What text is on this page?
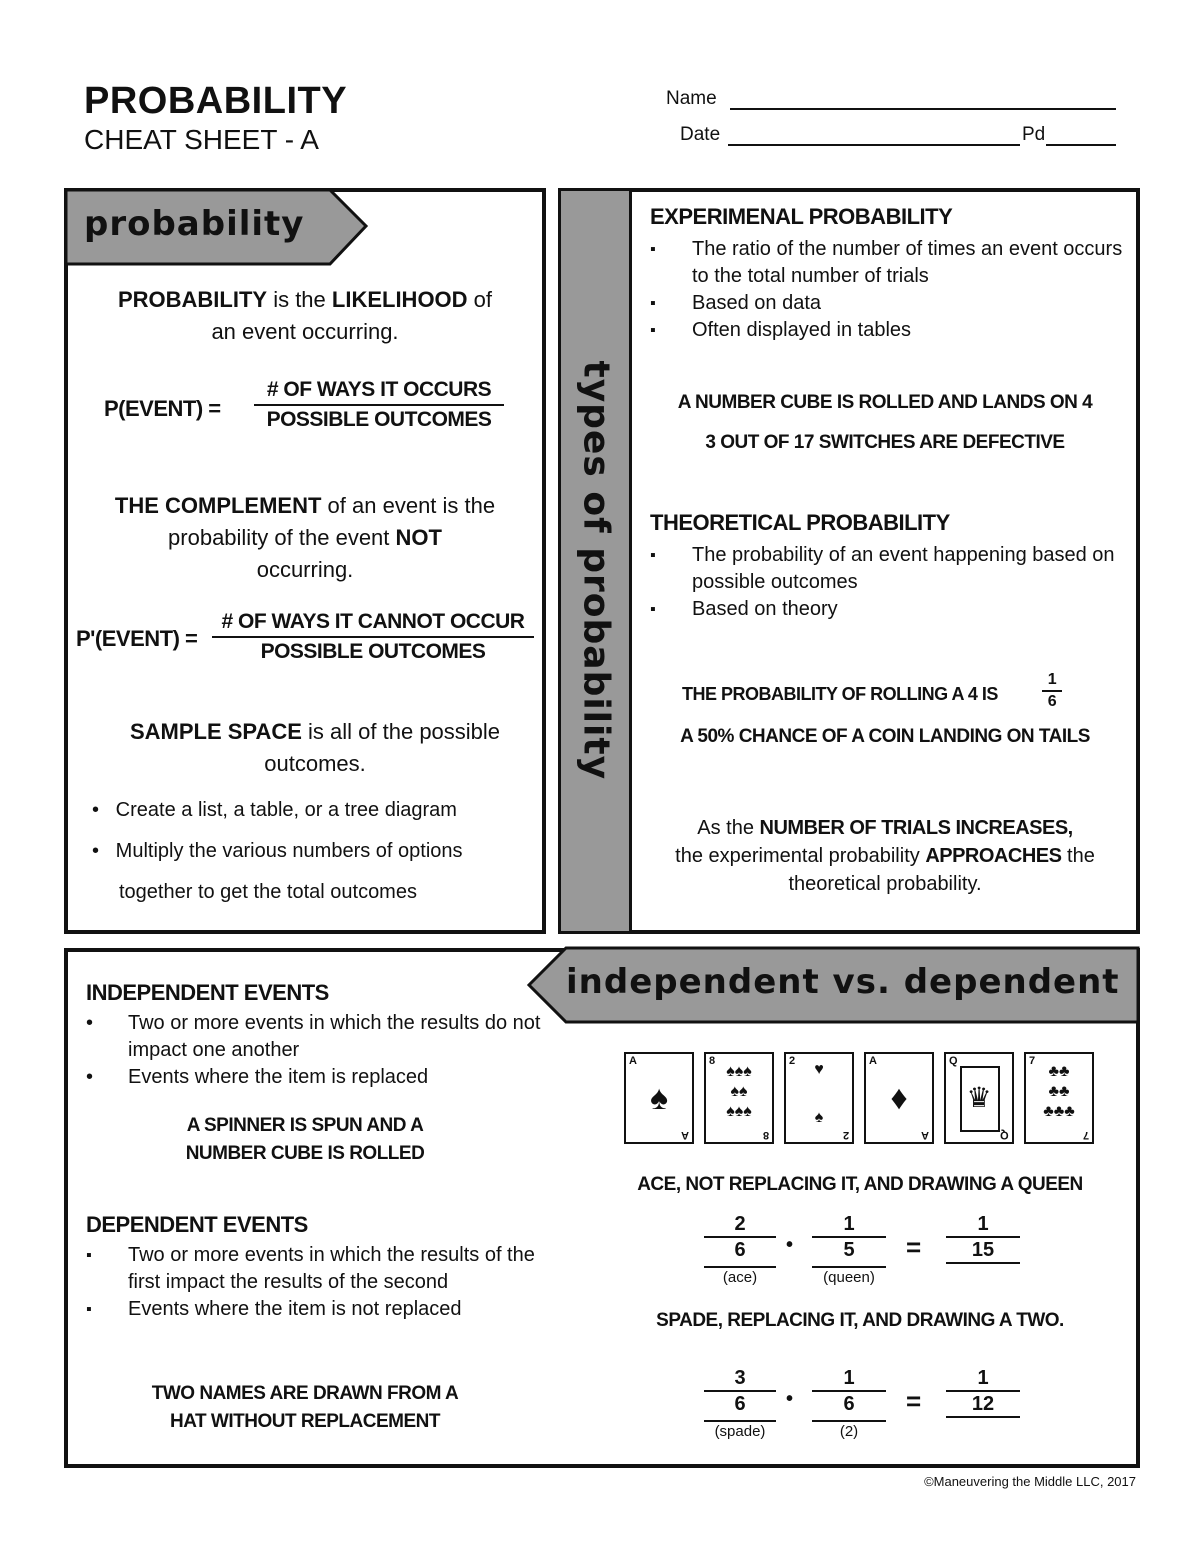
PROBABILITY
CHEAT SHEET - A
Name
Date	Pd
probability
PROBABILITY is the LIKELIHOOD of
an event occurring.
P(EVENT) =
# OF WAYS IT OCCURS
POSSIBLE OUTCOMES
THE COMPLEMENT of an event is the
probability of the event NOT
occurring.
P'(EVENT) =
# OF WAYS IT CANNOT OCCUR
POSSIBLE OUTCOMES
SAMPLE SPACE is all of the possible
outcomes.
•   Create a list, a table, or a tree diagram
•   Multiply the various numbers of options
together to get the total outcomes
types of probability
EXPERIMENAL PROBABILITY
▪ The ratio of the number of times an event occurs to the total number of trials
▪ Based on data
▪ Often displayed in tables
A NUMBER CUBE IS ROLLED AND LANDS ON 4
3 OUT OF 17 SWITCHES ARE DEFECTIVE
THEORETICAL PROBABILITY
▪ The probability of an event happening based on possible outcomes
▪ Based on theory
THE PROBABILITY OF ROLLING A 4 IS	$\frac{1}{6}$
A 50% CHANCE OF A COIN LANDING ON TAILS
As the NUMBER OF TRIALS INCREASES,
the experimental probability APPROACHES the
theoretical probability.
independent vs. dependent
INDEPENDENT EVENTS
• Two or more events in which the results do not impact one another
• Events where the item is replaced
A SPINNER IS SPUN AND A
NUMBER CUBE IS ROLLED
DEPENDENT EVENTS
▪ Two or more events in which the results of the first impact the results of the second
▪ Events where the item is not replaced
TWO NAMES ARE DRAWN FROM A
HAT WITHOUT REPLACEMENT
A
♠
A
8
♠♠♠
♠♠
♠♠♠
8
2	♥

♠
2
A
♦
A
Q
♛
Q
7
♣♣
♣♣
♣♣♣
7
ACE, NOT REPLACING IT, AND DRAWING A QUEEN
2
6
(ace)
•
1
5
(queen)
= $\frac{1}{15}$
SPADE, REPLACING IT, AND DRAWING A TWO.
3
6
(spade)
•
1
6
(2)
= $\frac{1}{12}$
©Maneuvering the Middle LLC, 2017
